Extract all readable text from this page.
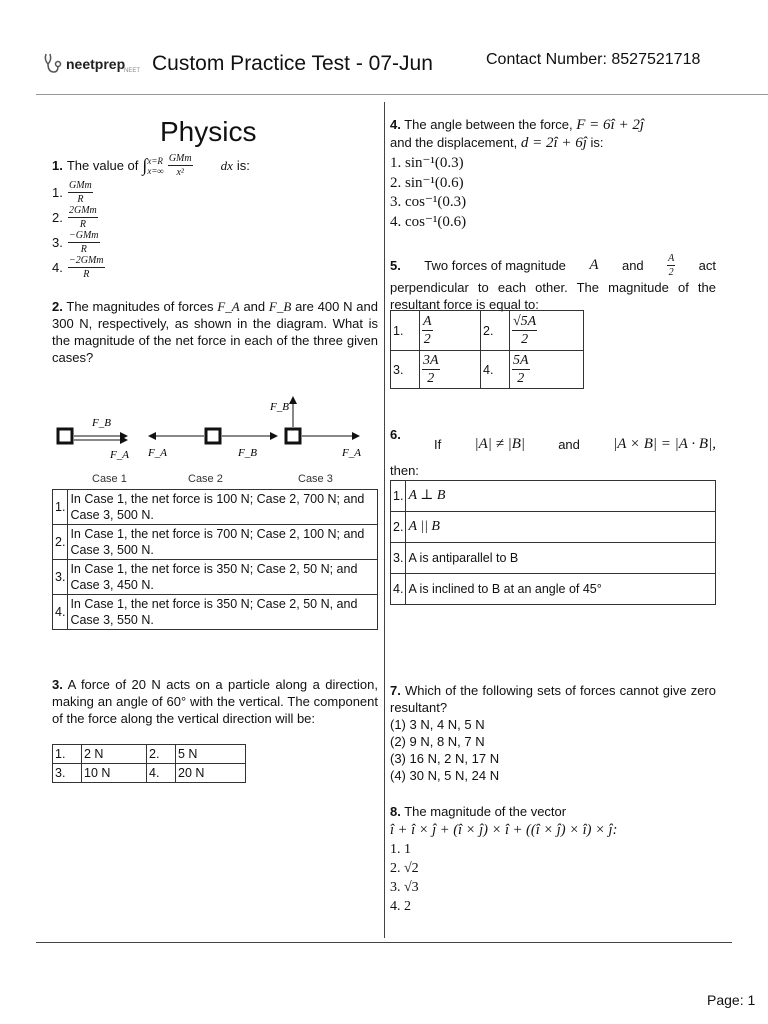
neetprep
NEET Custom Practice Test - 07-Jun	Contact Number: 8527521718
Physics
1. The value of ∫ x=R
$x=\infty \frac{\text{GMm}}{\text{x²}}$ dx is:
1. $\frac{\text{GMm}}{R}$
2. $\frac{\text{2GMm}}{R}$
3. $\frac{\text{−GMm}}{R}$
4. $\frac{\text{−2GMm}}{R}$
2. The magnitudes of forces F_A and F_B are 400 N and 300 N, respectively, as shown in the diagram. What is the magnitude of the net force in each of the three given cases?
F_B
F_A F_A	F_B
F_B
F_A
Case 1	Case 2	Case 3
1.	In Case 1, the net force is 100 N; Case 2, 700 N; and Case 3, 500 N.
2.	In Case 1, the net force is 700 N; Case 2, 100 N; and Case 3, 500 N.
3.	In Case 1, the net force is 350 N; Case 2, 50 N; and Case 3, 450 N.
4.	In Case 1, the net force is 350 N; Case 2, 50 N, and Case 3, 550 N.
3. A force of 20 N acts on a particle along a direction, making an angle of 60° with the vertical. The component of the force along the vertical direction will be:
1.	2 N	2.	5 N
3.	10 N	4.	20 N
4. The angle between the force, F = 6î + 2ĵ
and the displacement, d = 2î + 6ĵ is:
1. sin⁻¹(0.3)
2. sin⁻¹(0.6)
3. cos⁻¹(0.3)
4. cos⁻¹(0.6)
5. Two forces of magnitude A and $\frac{A}{2}$ act
perpendicular to each other. The magnitude of the resultant force is equal to:
1.	$\frac{A}{2}$	2.	$\frac{√5A}{2}$

3.	$\frac{3A}{2}$	4.	$\frac{5A}{2}$
6.
If |A| ≠ |B|	and |A × B| = |A · B|,
then:
1.	A ⊥ B
2.	A || B
3.	A is antiparallel to B
4.	A is inclined to B at an angle of 45°
7. Which of the following sets of forces cannot give zero resultant?
(1) 3 N, 4 N, 5 N
(2) 9 N, 8 N, 7 N
(3) 16 N, 2 N, 17 N
(4) 30 N, 5 N, 24 N
8. The magnitude of the vector
î + î × ĵ + (î × ĵ) × î + ((î × ĵ) × î) × ĵ:
1. 1
2. √2
3. √3
4. 2
Page: 1
